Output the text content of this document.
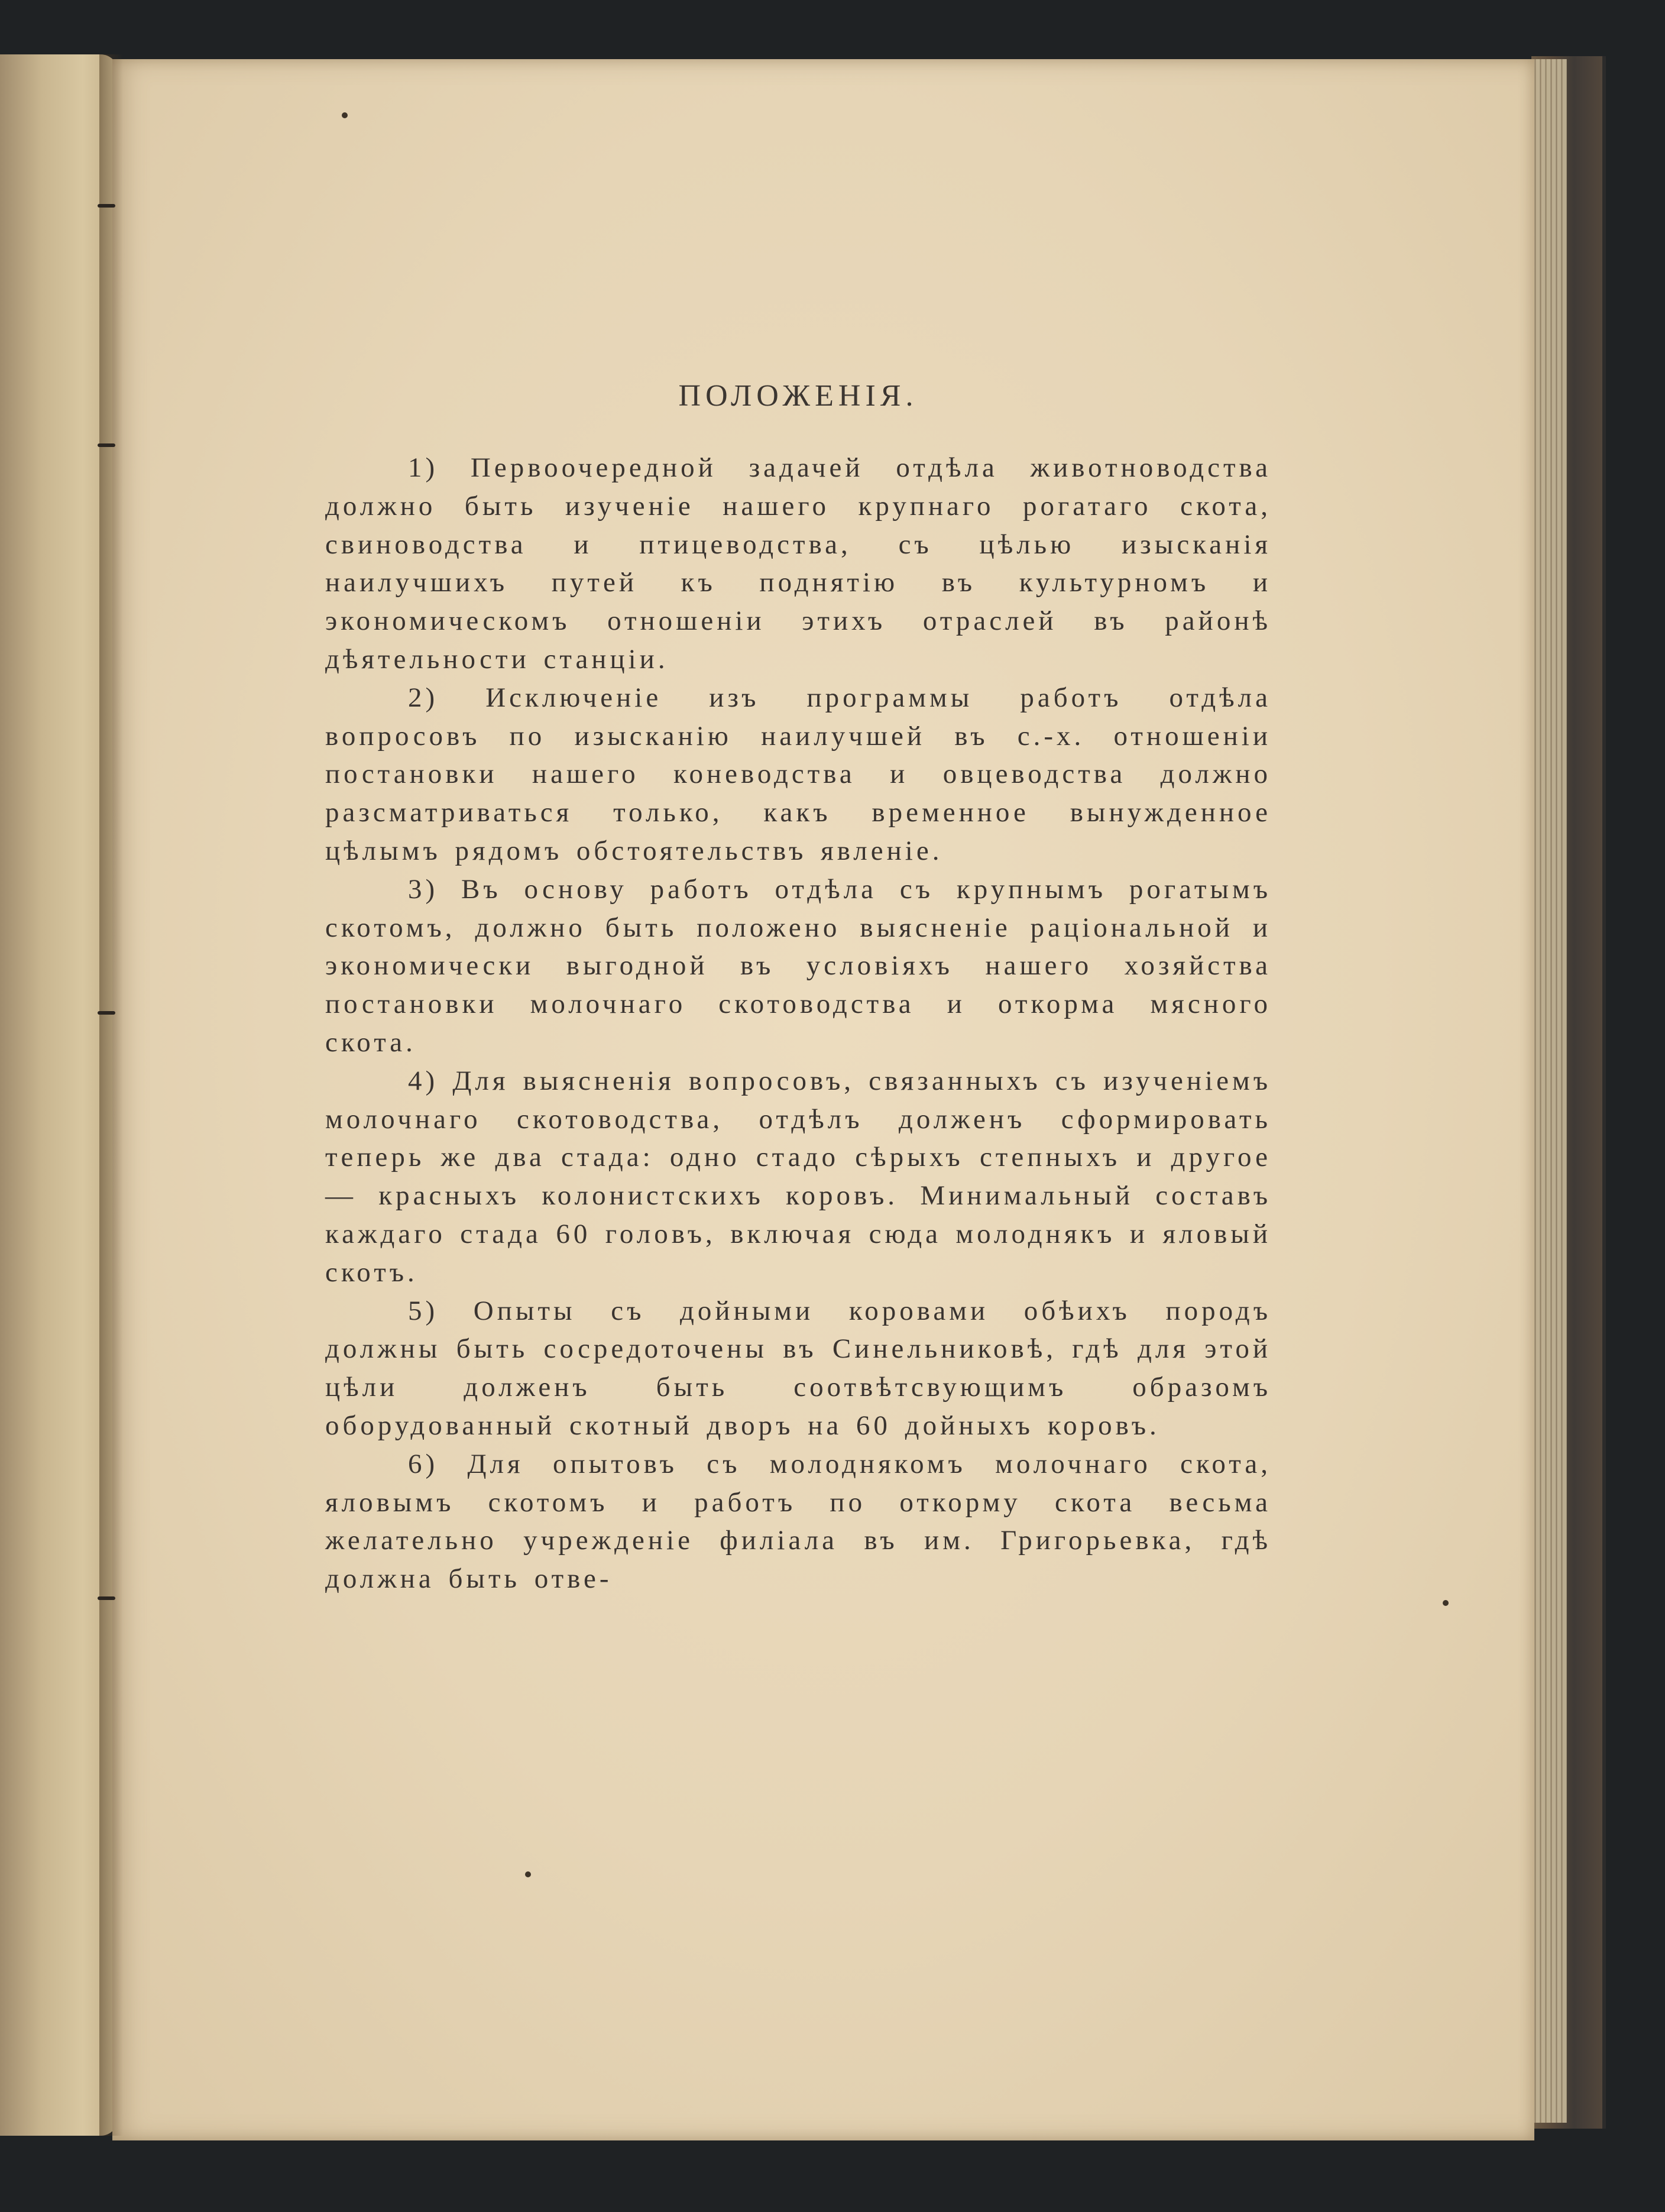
ПОЛОЖЕНІЯ.

1) Первоочередной задачей отдѣла животноводства должно быть изученіе нашего крупнаго рогатаго скота, свиноводства и птицеводства, съ цѣлью изысканія наилучшихъ путей къ поднятію въ культурномъ и экономическомъ отношеніи этихъ отраслей въ районѣ дѣятельности станціи.

2) Исключеніе изъ программы работъ отдѣла вопросовъ по изысканію наилучшей въ с.-х. отношеніи постановки нашего коневодства и овцеводства должно разсматриваться только, какъ временное вынужденное цѣлымъ рядомъ обстоятельствъ явленіе.

3) Въ основу работъ отдѣла съ крупнымъ рогатымъ скотомъ, должно быть положено выясненіе раціональной и экономически выгодной въ условіяхъ нашего хозяйства постановки молочнаго скотоводства и откорма мясного скота.

4) Для выясненія вопросовъ, связанныхъ съ изученіемъ молочнаго скотоводства, отдѣлъ долженъ сформировать теперь же два стада: одно стадо сѣрыхъ степныхъ и другое — красныхъ колонистскихъ коровъ. Минимальный составъ каждаго стада 60 головъ, включая сюда молоднякъ и яловый скотъ.

5) Опыты съ дойными коровами обѣихъ породъ должны быть сосредоточены въ Синельниковѣ, гдѣ для этой цѣли долженъ быть соотвѣтсвующимъ образомъ оборудованный скотный дворъ на 60 дойныхъ коровъ.

6) Для опытовъ съ молоднякомъ молочнаго скота, яловымъ скотомъ и работъ по откорму скота весьма желательно учрежденіе филіала въ им. Григорьевка, гдѣ должна быть отве-
